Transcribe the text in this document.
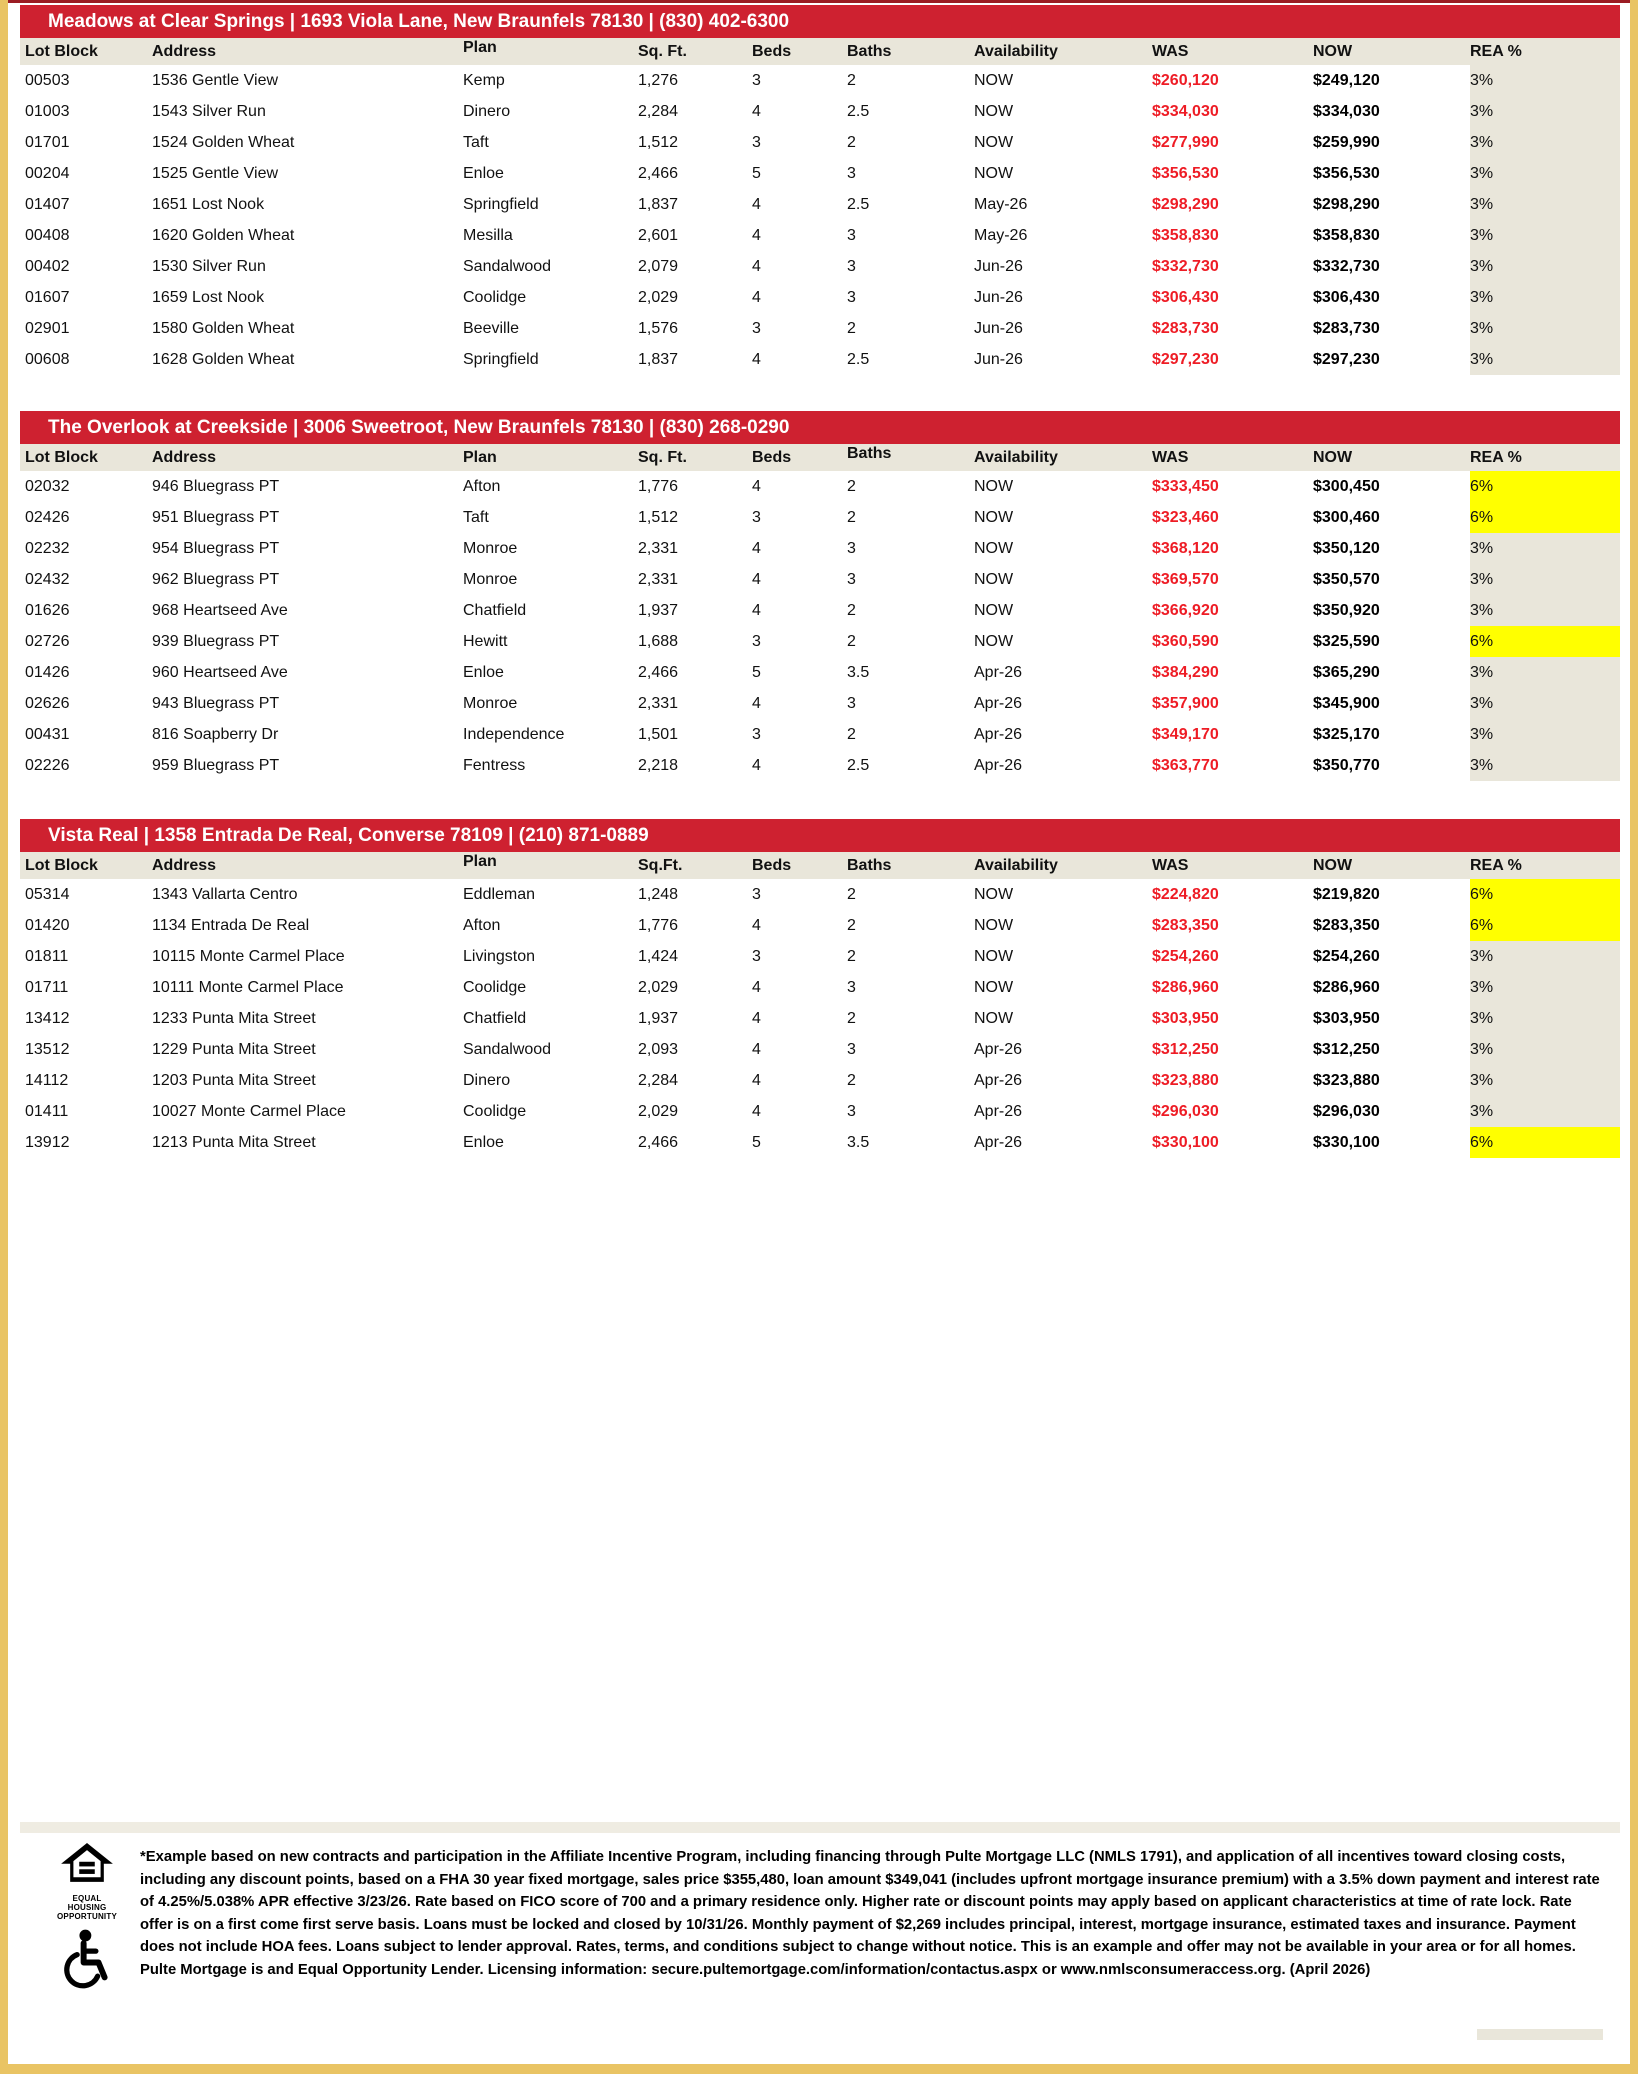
Meadows at Clear Springs | 1693 Viola Lane, New Braunfels 78130 | (830) 402-6300
Lot Block	Address	Plan	Sq. Ft.	Beds	Baths	Availability	WAS	NOW	REA %
00503	1536 Gentle View	Kemp	1,276	3	2	NOW	$260,120	$249,120	3%
01003	1543 Silver Run	Dinero	2,284	4	2.5	NOW	$334,030	$334,030	3%
01701	1524 Golden Wheat	Taft	1,512	3	2	NOW	$277,990	$259,990	3%
00204	1525 Gentle View	Enloe	2,466	5	3	NOW	$356,530	$356,530	3%
01407	1651 Lost Nook	Springfield	1,837	4	2.5	May-26	$298,290	$298,290	3%
00408	1620 Golden Wheat	Mesilla	2,601	4	3	May-26	$358,830	$358,830	3%
00402	1530 Silver Run	Sandalwood	2,079	4	3	Jun-26	$332,730	$332,730	3%
01607	1659 Lost Nook	Coolidge	2,029	4	3	Jun-26	$306,430	$306,430	3%
02901	1580 Golden Wheat	Beeville	1,576	3	2	Jun-26	$283,730	$283,730	3%
00608	1628 Golden Wheat	Springfield	1,837	4	2.5	Jun-26	$297,230	$297,230	3%
The Overlook at Creekside | 3006 Sweetroot, New Braunfels 78130 | (830) 268-0290
Lot Block	Address	Plan	Sq. Ft.	Beds	Baths	Availability	WAS	NOW	REA %
02032	946 Bluegrass PT	Afton	1,776	4	2	NOW	$333,450	$300,450	6%
02426	951 Bluegrass PT	Taft	1,512	3	2	NOW	$323,460	$300,460	6%
02232	954 Bluegrass PT	Monroe	2,331	4	3	NOW	$368,120	$350,120	3%
02432	962 Bluegrass PT	Monroe	2,331	4	3	NOW	$369,570	$350,570	3%
01626	968 Heartseed Ave	Chatfield	1,937	4	2	NOW	$366,920	$350,920	3%
02726	939 Bluegrass PT	Hewitt	1,688	3	2	NOW	$360,590	$325,590	6%
01426	960 Heartseed Ave	Enloe	2,466	5	3.5	Apr-26	$384,290	$365,290	3%
02626	943 Bluegrass PT	Monroe	2,331	4	3	Apr-26	$357,900	$345,900	3%
00431	816 Soapberry Dr	Independence	1,501	3	2	Apr-26	$349,170	$325,170	3%
02226	959 Bluegrass PT	Fentress	2,218	4	2.5	Apr-26	$363,770	$350,770	3%
Vista Real | 1358 Entrada De Real, Converse 78109 | (210) 871-0889
Lot Block	Address	Plan	Sq.Ft.	Beds	Baths	Availability	WAS	NOW	REA %
05314	1343 Vallarta Centro	Eddleman	1,248	3	2	NOW	$224,820	$219,820	6%
01420	1134 Entrada De Real	Afton	1,776	4	2	NOW	$283,350	$283,350	6%
01811	10115 Monte Carmel Place	Livingston	1,424	3	2	NOW	$254,260	$254,260	3%
01711	10111 Monte Carmel Place	Coolidge	2,029	4	3	NOW	$286,960	$286,960	3%
13412	1233 Punta Mita Street	Chatfield	1,937	4	2	NOW	$303,950	$303,950	3%
13512	1229 Punta Mita Street	Sandalwood	2,093	4	3	Apr-26	$312,250	$312,250	3%
14112	1203 Punta Mita Street	Dinero	2,284	4	2	Apr-26	$323,880	$323,880	3%
01411	10027 Monte Carmel Place	Coolidge	2,029	4	3	Apr-26	$296,030	$296,030	3%
13912	1213 Punta Mita Street	Enloe	2,466	5	3.5	Apr-26	$330,100	$330,100	6%
EQUAL HOUSING
OPPORTUNITY
*Example based on new contracts and participation in the Affiliate Incentive Program, including financing through Pulte Mortgage LLC (NMLS 1791), and application of all incentives toward closing costs, including any discount points, based on a FHA 30 year fixed mortgage, sales price $355,480, loan amount $349,041 (includes upfront mortgage insurance premium) with a 3.5% down payment and interest rate of 4.25%/5.038% APR effective 3/23/26. Rate based on FICO score of 700 and a primary residence only. Higher rate or discount points may apply based on applicant characteristics at time of rate lock. Rate offer is on a first come first serve basis. Loans must be locked and closed by 10/31/26. Monthly payment of $2,269 includes principal, interest, mortgage insurance, estimated taxes and insurance. Payment does not include HOA fees. Loans subject to lender approval. Rates, terms, and conditions subject to change without notice. This is an example and offer may not be available in your area or for all homes. Pulte Mortgage is and Equal Opportunity Lender. Licensing information: secure.pultemortgage.com/information/contactus.aspx or www.nmlsconsumeraccess.org. (April 2026)
